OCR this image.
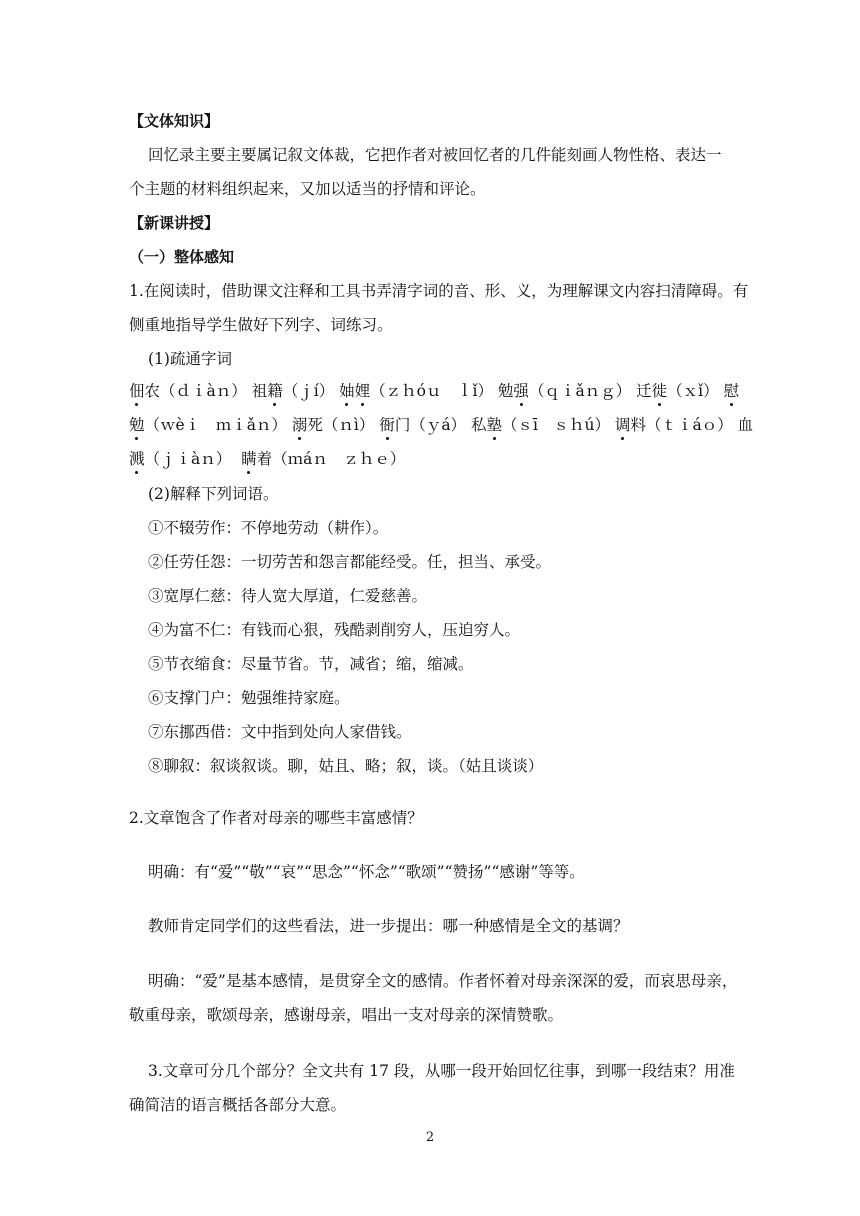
【文体知识】
回忆录主要主要属记叙文体裁，它把作者对被回忆者的几件能刻画人物性格、表达一
个主题的材料组织起来，又加以适当的抒情和评论。
【新课讲授】
（一）整体感知
1.在阅读时，借助课文注释和工具书弄清字词的音、形、义，为理解课文内容扫清障碍。有
侧重地指导学生做好下列字、词练习。
(1)疏通字词
佃农（ｄｉàｎ） 祖籍（ｊí） 妯娌（ｚｈóｕ　ｌǐ） 勉强（ｑｉǎｎｇ） 迁徙（ｘǐ） 慰
勉（ｗèｉ　ｍｉǎｎ） 溺死（ｎì） 衙门（ｙá） 私塾（ｓī　ｓｈú） 调料（ｔｉáｏ） 血
溅（ｊｉàｎ） 瞒着（ｍáｎ　ｚｈｅ）
(2)解释下列词语。
①不辍劳作：不停地劳动（耕作）。
②任劳任怨：一切劳苦和怨言都能经受。任，担当、承受。
③宽厚仁慈：待人宽大厚道，仁爱慈善。
④为富不仁：有钱而心狠，残酷剥削穷人，压迫穷人。
⑤节衣缩食：尽量节省。节，减省；缩，缩减。
⑥支撑门户：勉强维持家庭。
⑦东挪西借：文中指到处向人家借钱。
⑧聊叙：叙谈叙谈。聊，姑且、略；叙，谈。（姑且谈谈）
2.文章饱含了作者对母亲的哪些丰富感情？
明确：有“爱”“敬”“哀”“思念”“怀念”“歌颂”“赞扬”“感谢”等等。
教师肯定同学们的这些看法，进一步提出：哪一种感情是全文的基调？
明确：“爱”是基本感情，是贯穿全文的感情。作者怀着对母亲深深的爱，而哀思母亲，
敬重母亲，歌颂母亲，感谢母亲，唱出一支对母亲的深情赞歌。
3.文章可分几个部分？全文共有 17 段，从哪一段开始回忆往事，到哪一段结束？用准
确简洁的语言概括各部分大意。
2
